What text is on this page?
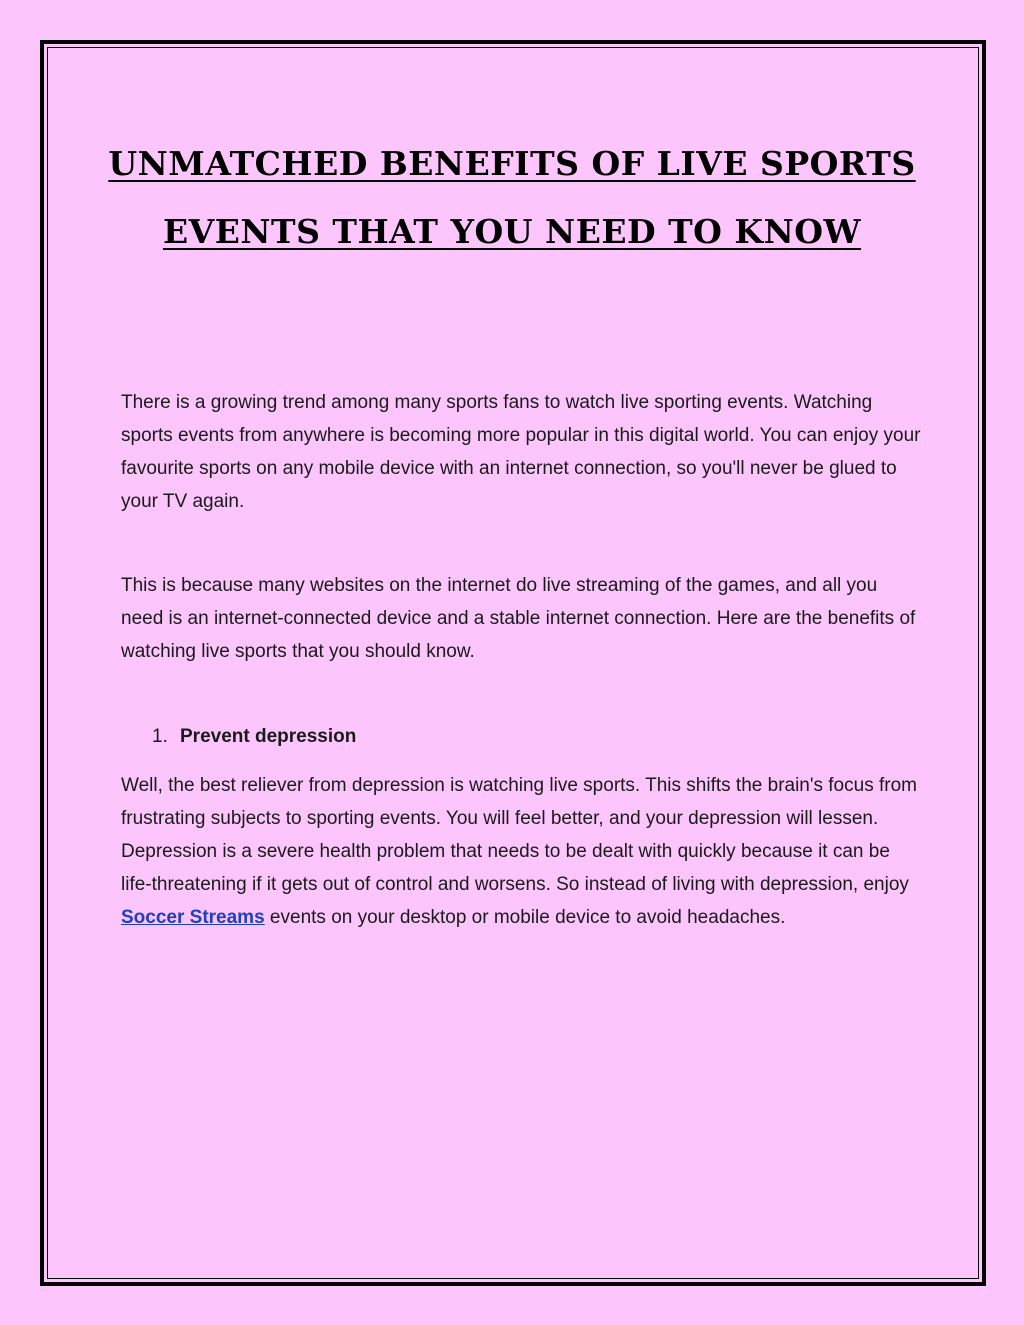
UNMATCHED BENEFITS OF LIVE SPORTS EVENTS THAT YOU NEED TO KNOW

There is a growing trend among many sports fans to watch live sporting events. Watching sports events from anywhere is becoming more popular in this digital world. You can enjoy your favourite sports on any mobile device with an internet connection, so you'll never be glued to your TV again.

This is because many websites on the internet do live streaming of the games, and all you need is an internet-connected device and a stable internet connection. Here are the benefits of watching live sports that you should know.

1. Prevent depression

Well, the best reliever from depression is watching live sports. This shifts the brain's focus from frustrating subjects to sporting events. You will feel better, and your depression will lessen. Depression is a severe health problem that needs to be dealt with quickly because it can be life-threatening if it gets out of control and worsens. So instead of living with depression, enjoy Soccer Streams events on your desktop or mobile device to avoid headaches.
